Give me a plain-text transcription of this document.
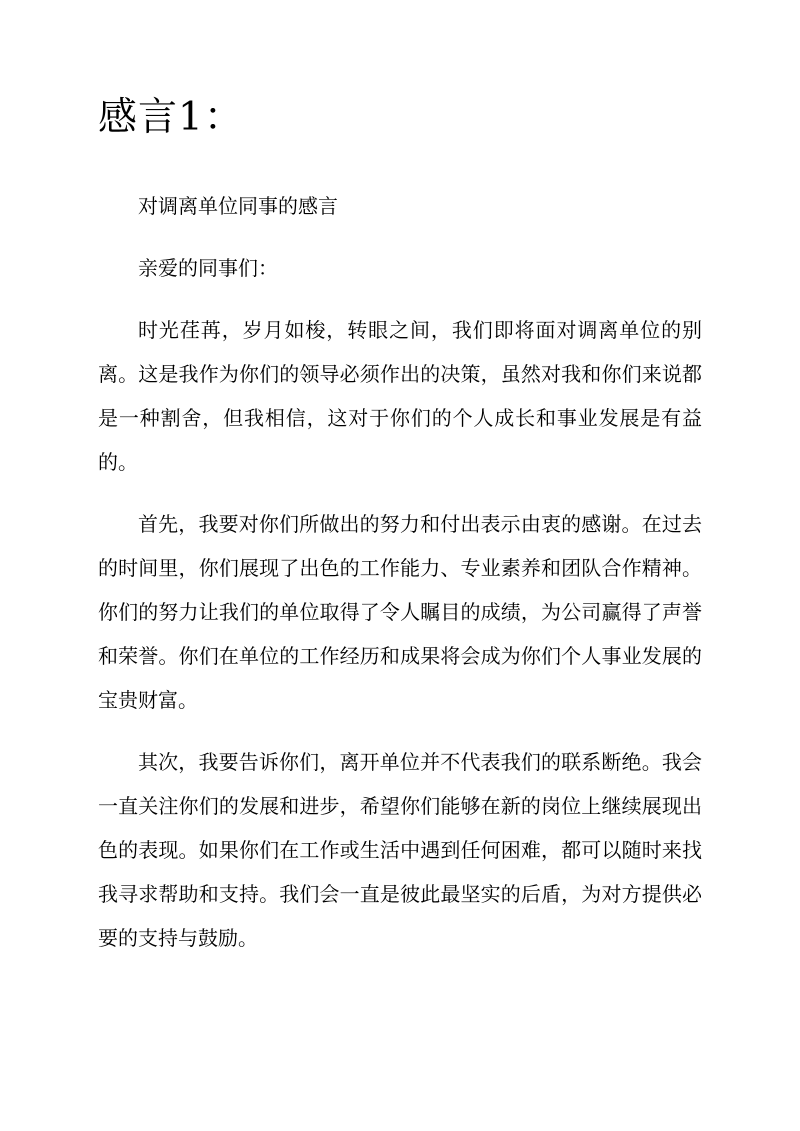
感言1：

对调离单位同事的感言

亲爱的同事们：

时光荏苒，岁月如梭，转眼之间，我们即将面对调离单位的别离。这是我作为你们的领导必须作出的决策，虽然对我和你们来说都是一种割舍，但我相信，这对于你们的个人成长和事业发展是有益的。

首先，我要对你们所做出的努力和付出表示由衷的感谢。在过去的时间里，你们展现了出色的工作能力、专业素养和团队合作精神。你们的努力让我们的单位取得了令人瞩目的成绩，为公司赢得了声誉和荣誉。你们在单位的工作经历和成果将会成为你们个人事业发展的宝贵财富。

其次，我要告诉你们，离开单位并不代表我们的联系断绝。我会一直关注你们的发展和进步，希望你们能够在新的岗位上继续展现出色的表现。如果你们在工作或生活中遇到任何困难，都可以随时来找我寻求帮助和支持。我们会一直是彼此最坚实的后盾，为对方提供必要的支持与鼓励。
